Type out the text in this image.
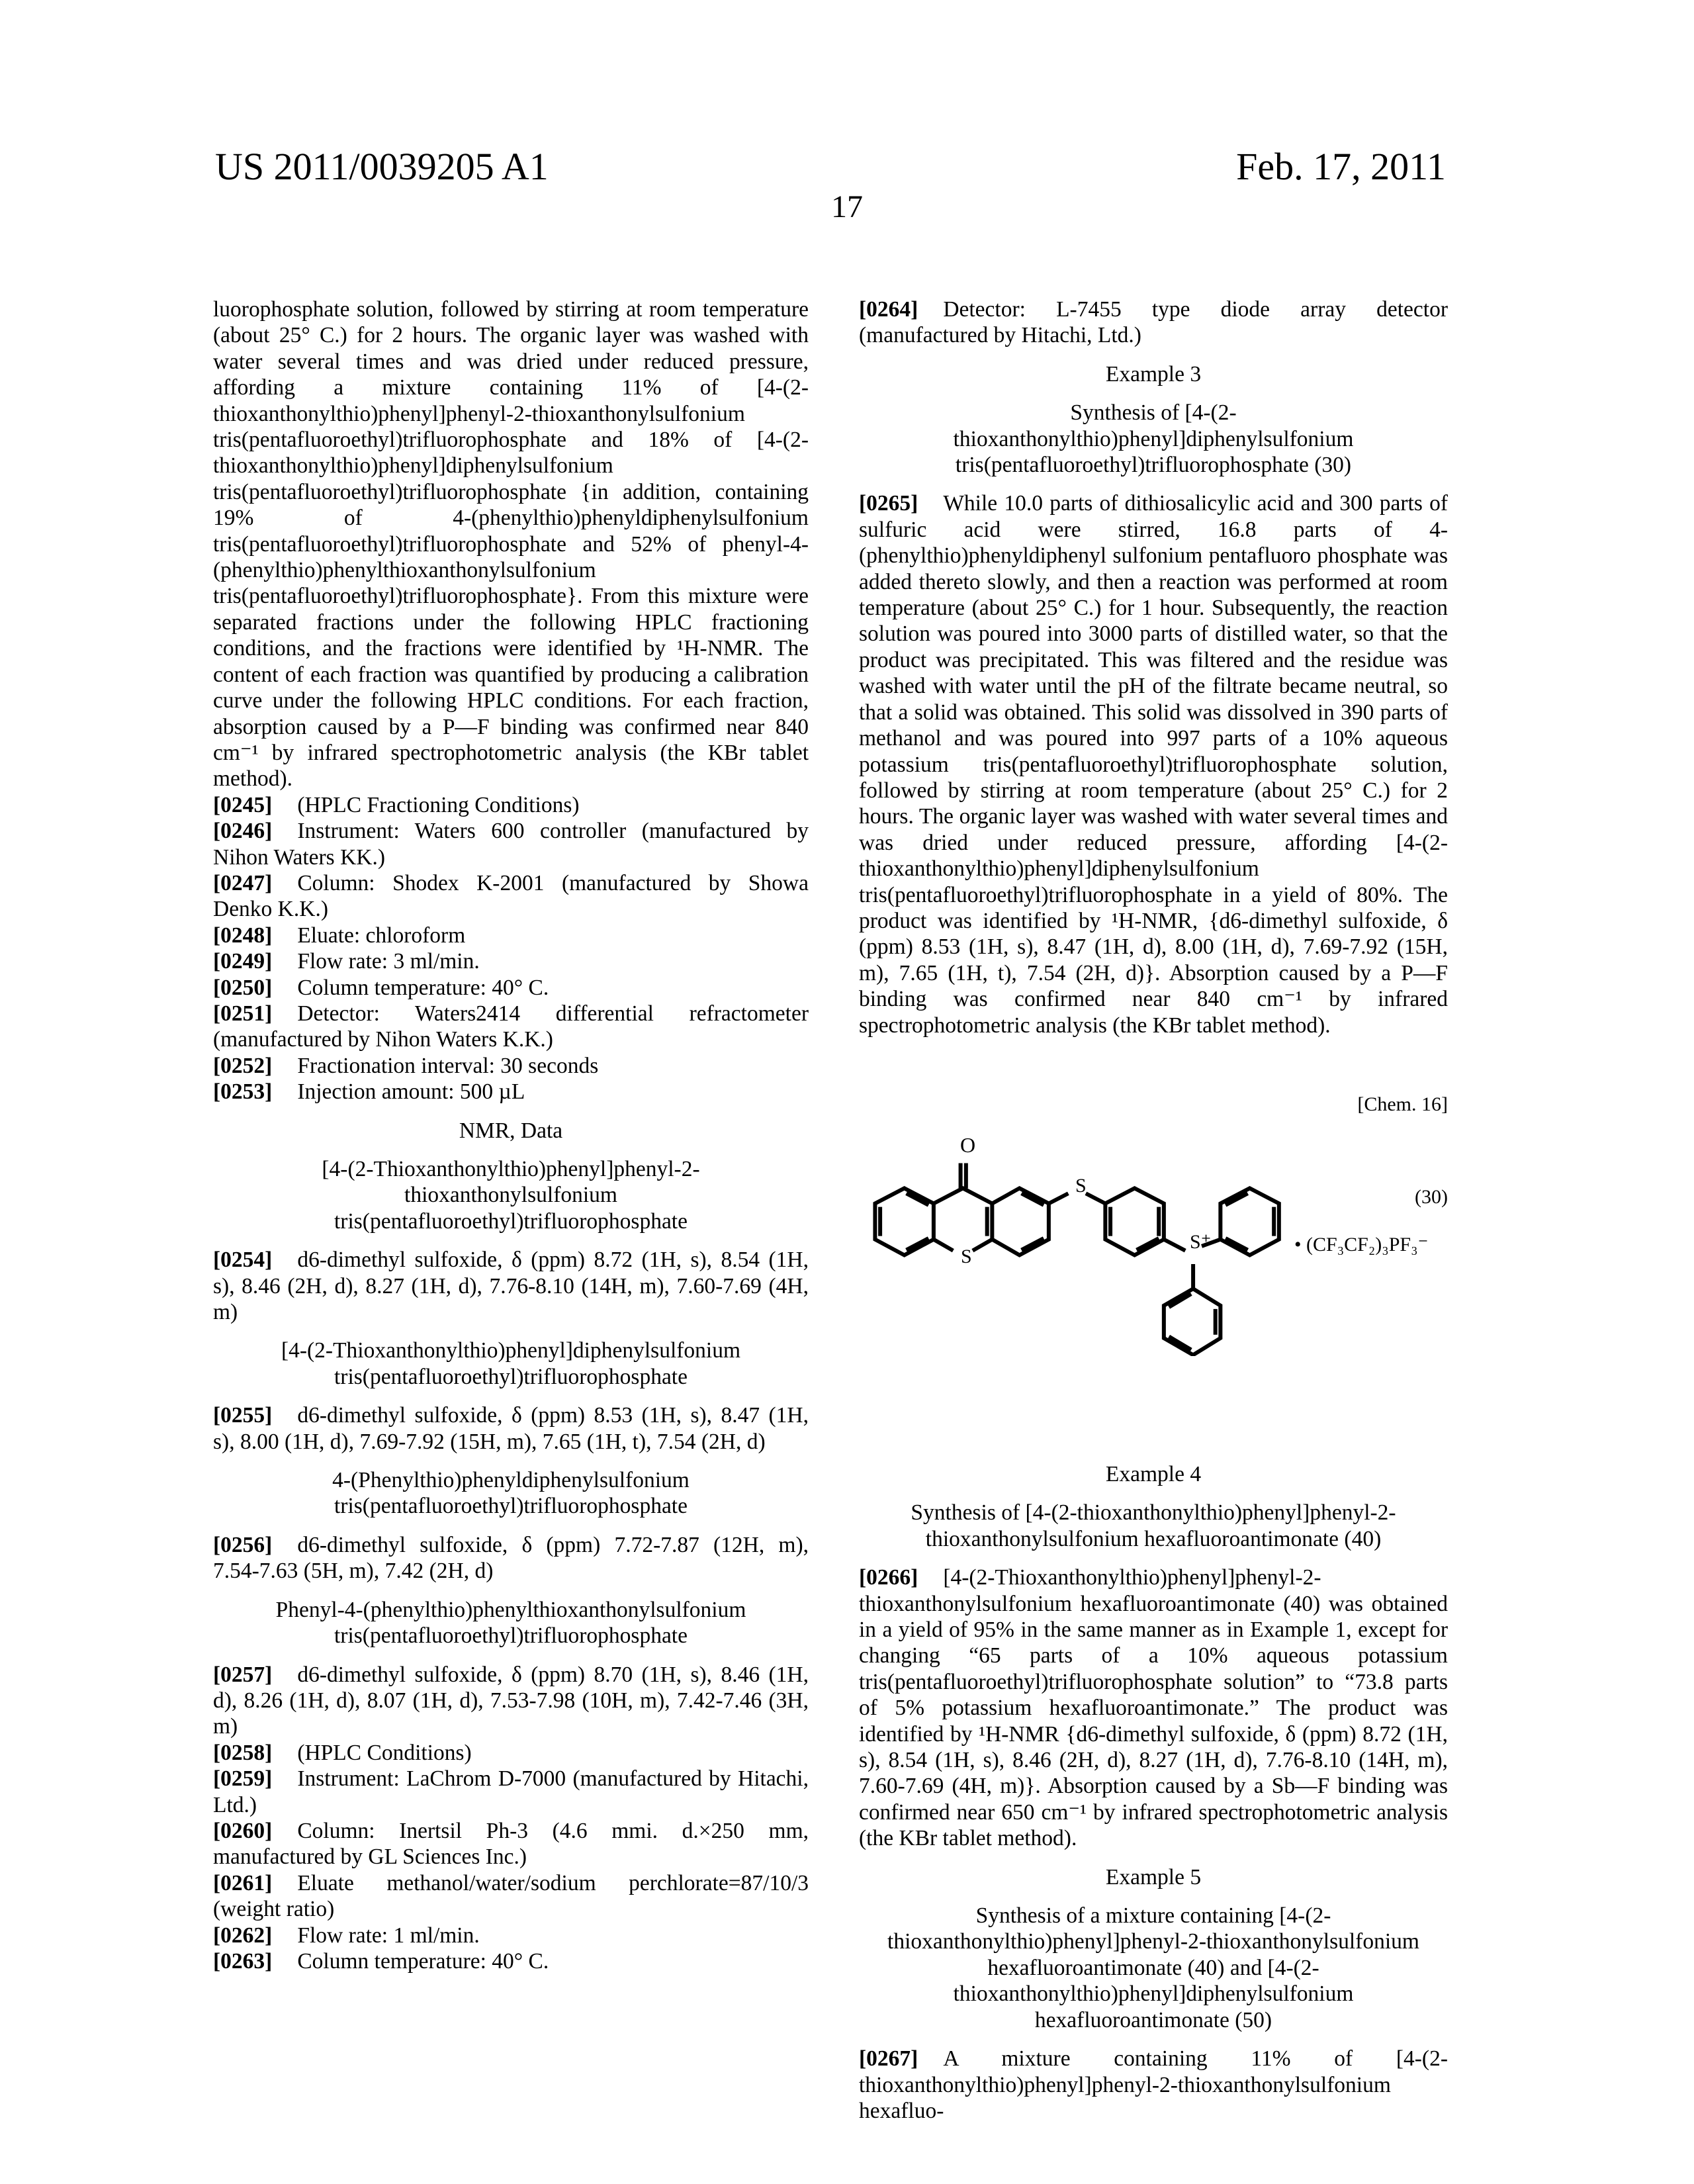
US 2011/0039205 A1	Feb. 17, 2011
17

luorophosphate solution, followed by stirring at room temperature (about 25° C.) for 2 hours. The organic layer was washed with water several times and was dried under reduced pressure, affording a mixture containing 11% of [4-(2-thioxanthonylthio)phenyl]phenyl-2-thioxanthonylsulfonium tris(pentafluoroethyl)trifluorophosphate and 18% of [4-(2-thioxanthonylthio)phenyl]diphenylsulfonium tris(pentafluoroethyl)trifluorophosphate {in addition, containing 19% of 4-(phenylthio)phenyldiphenylsulfonium tris(pentafluoroethyl)trifluorophosphate and 52% of phenyl-4-(phenylthio)phenylthioxanthonylsulfonium tris(pentafluoroethyl)trifluorophosphate}. From this mixture were separated fractions under the following HPLC fractioning conditions, and the fractions were identified by ¹H-NMR. The content of each fraction was quantified by producing a calibration curve under the following HPLC conditions. For each fraction, absorption caused by a P—F binding was confirmed near 840 cm⁻¹ by infrared spectrophotometric analysis (the KBr tablet method).

[0245] (HPLC Fractioning Conditions)

[0246] Instrument: Waters 600 controller (manufactured by Nihon Waters KK.)

[0247] Column: Shodex K-2001 (manufactured by Showa Denko K.K.)

[0248] Eluate: chloroform

[0249] Flow rate: 3 ml/min.

[0250] Column temperature: 40° C.

[0251] Detector: Waters2414 differential refractometer (manufactured by Nihon Waters K.K.)

[0252] Fractionation interval: 30 seconds

[0253] Injection amount: 500 µL

NMR, Data

[4-(2-Thioxanthonylthio)phenyl]phenyl-2-thioxanthonylsulfonium tris(pentafluoroethyl)trifluorophosphate

[0254] d6-dimethyl sulfoxide, δ (ppm) 8.72 (1H, s), 8.54 (1H, s), 8.46 (2H, d), 8.27 (1H, d), 7.76-8.10 (14H, m), 7.60-7.69 (4H, m)

[4-(2-Thioxanthonylthio)phenyl]diphenylsulfonium tris(pentafluoroethyl)trifluorophosphate

[0255] d6-dimethyl sulfoxide, δ (ppm) 8.53 (1H, s), 8.47 (1H, s), 8.00 (1H, d), 7.69-7.92 (15H, m), 7.65 (1H, t), 7.54 (2H, d)

4-(Phenylthio)phenyldiphenylsulfonium tris(pentafluoroethyl)trifluorophosphate

[0256] d6-dimethyl sulfoxide, δ (ppm) 7.72-7.87 (12H, m), 7.54-7.63 (5H, m), 7.42 (2H, d)

Phenyl-4-(phenylthio)phenylthioxanthonylsulfonium tris(pentafluoroethyl)trifluorophosphate

[0257] d6-dimethyl sulfoxide, δ (ppm) 8.70 (1H, s), 8.46 (1H, d), 8.26 (1H, d), 8.07 (1H, d), 7.53-7.98 (10H, m), 7.42-7.46 (3H, m)

[0258] (HPLC Conditions)

[0259] Instrument: LaChrom D-7000 (manufactured by Hitachi, Ltd.)

[0260] Column: Inertsil Ph-3 (4.6 mmi. d.×250 mm, manufactured by GL Sciences Inc.)

[0261] Eluate methanol/water/sodium perchlorate=87/10/3 (weight ratio)

[0262] Flow rate: 1 ml/min.

[0263] Column temperature: 40° C.

[0264] Detector: L-7455 type diode array detector (manufactured by Hitachi, Ltd.)

Example 3

Synthesis of [4-(2-thioxanthonylthio)phenyl]diphenylsulfonium tris(pentafluoroethyl)trifluorophosphate (30)

[0265] While 10.0 parts of dithiosalicylic acid and 300 parts of sulfuric acid were stirred, 16.8 parts of 4-(phenylthio)phenyldiphenyl sulfonium pentafluoro phosphate was added thereto slowly, and then a reaction was performed at room temperature (about 25° C.) for 1 hour. Subsequently, the reaction solution was poured into 3000 parts of distilled water, so that the product was precipitated. This was filtered and the residue was washed with water until the pH of the filtrate became neutral, so that a solid was obtained. This solid was dissolved in 390 parts of methanol and was poured into 997 parts of a 10% aqueous potassium tris(pentafluoroethyl)trifluorophosphate solution, followed by stirring at room temperature (about 25° C.) for 2 hours. The organic layer was washed with water several times and was dried under reduced pressure, affording [4-(2-thioxanthonylthio)phenyl]diphenylsulfonium tris(pentafluoroethyl)trifluorophosphate in a yield of 80%. The product was identified by ¹H-NMR, {d6-dimethyl sulfoxide, δ (ppm) 8.53 (1H, s), 8.47 (1H, d), 8.00 (1H, d), 7.69-7.92 (15H, m), 7.65 (1H, t), 7.54 (2H, d)}. Absorption caused by a P—F binding was confirmed near 840 cm⁻¹ by infrared spectrophotometric analysis (the KBr tablet method).

[Chem. 16]
(30)
O
S
S
S⁺	• (CF₃CF₂)₃PF₃⁻

Example 4

Synthesis of [4-(2-thioxanthonylthio)phenyl]phenyl-2-thioxanthonylsulfonium hexafluoroantimonate (40)

[0266] [4-(2-Thioxanthonylthio)phenyl]phenyl-2-thioxanthonylsulfonium hexafluoroantimonate (40) was obtained in a yield of 95% in the same manner as in Example 1, except for changing “65 parts of a 10% aqueous potassium tris(pentafluoroethyl)trifluorophosphate solution” to “73.8 parts of 5% potassium hexafluoroantimonate.” The product was identified by ¹H-NMR {d6-dimethyl sulfoxide, δ (ppm) 8.72 (1H, s), 8.54 (1H, s), 8.46 (2H, d), 8.27 (1H, d), 7.76-8.10 (14H, m), 7.60-7.69 (4H, m)}. Absorption caused by a Sb—F binding was confirmed near 650 cm⁻¹ by infrared spectrophotometric analysis (the KBr tablet method).

Example 5

Synthesis of a mixture containing [4-(2-thioxanthonylthio)phenyl]phenyl-2-thioxanthonylsulfonium hexafluoroantimonate (40) and [4-(2-thioxanthonylthio)phenyl]diphenylsulfonium hexafluoroantimonate (50)

[0267] A mixture containing 11% of [4-(2-thioxanthonylthio)phenyl]phenyl-2-thioxanthonylsulfonium hexafluo-
